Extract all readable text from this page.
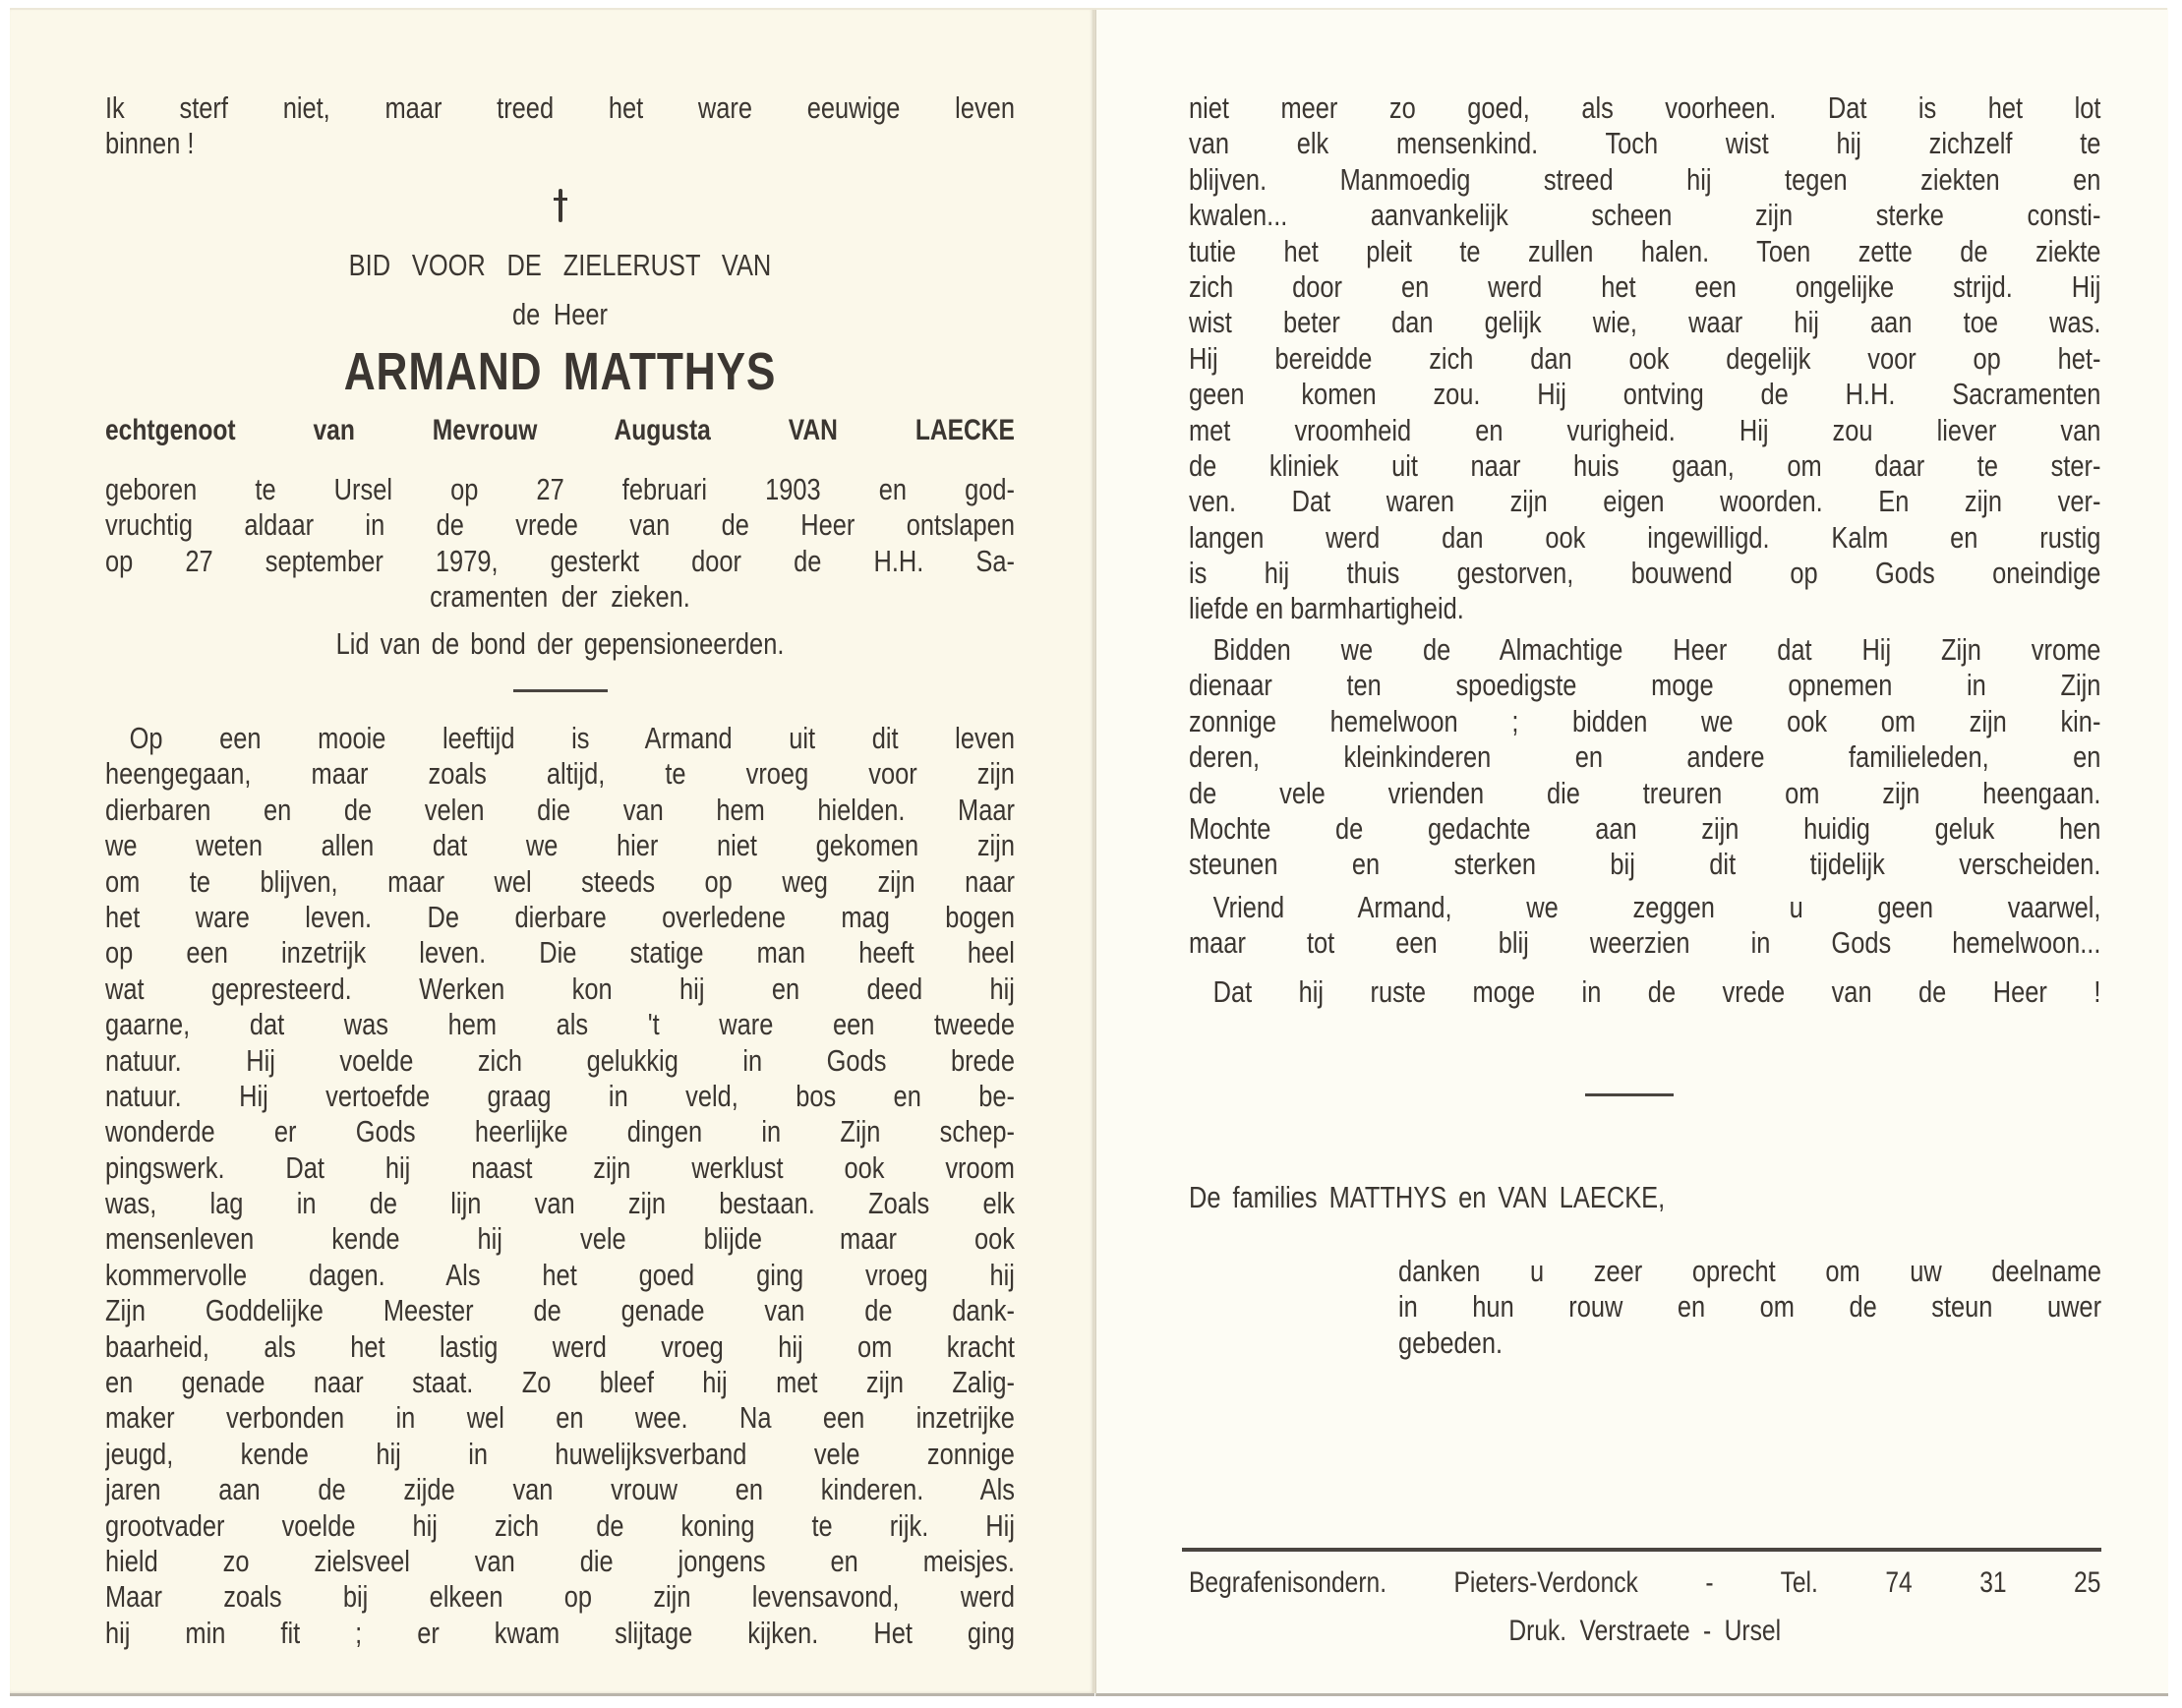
Ik sterf niet, maar treed het ware eeuwige leven
binnen !
BID VOOR DE ZIELERUST VAN
de Heer
ARMAND MATTHYS
echtgenoot van Mevrouw Augusta VAN LAECKE
geboren te Ursel op 27 februari 1903 en god-
vruchtig aldaar in de vrede van de Heer ontslapen
op 27 september 1979, gesterkt door de H.H. Sa-
cramenten der zieken.
Lid van de bond der gepensioneerden.
Op een mooie leeftijd is Armand uit dit leven
heengegaan, maar zoals altijd, te vroeg voor zijn
dierbaren en de velen die van hem hielden. Maar
we weten allen dat we hier niet gekomen zijn
om te blijven, maar wel steeds op weg zijn naar
het ware leven. De dierbare overledene mag bogen
op een inzetrijk leven. Die statige man heeft heel
wat gepresteerd. Werken kon hij en deed hij
gaarne, dat was hem als 't ware een tweede
natuur. Hij voelde zich gelukkig in Gods brede
natuur. Hij vertoefde graag in veld, bos en be-
wonderde er Gods heerlijke dingen in Zijn schep-
pingswerk. Dat hij naast zijn werklust ook vroom
was, lag in de lijn van zijn bestaan. Zoals elk
mensenleven kende hij vele blijde maar ook
kommervolle dagen. Als het goed ging vroeg hij
Zijn Goddelijke Meester de genade van de dank-
baarheid, als het lastig werd vroeg hij om kracht
en genade naar staat. Zo bleef hij met zijn Zalig-
maker verbonden in wel en wee. Na een inzetrijke
jeugd, kende hij in huwelijksverband vele zonnige
jaren aan de zijde van vrouw en kinderen. Als
grootvader voelde hij zich de koning te rijk. Hij
hield zo zielsveel van die jongens en meisjes.
Maar zoals bij elkeen op zijn levensavond, werd
hij min fit ; er kwam slijtage kijken. Het ging
niet meer zo goed, als voorheen. Dat is het lot
van elk mensenkind. Toch wist hij zichzelf te
blijven. Manmoedig streed hij tegen ziekten en
kwalen... aanvankelijk scheen zijn sterke consti-
tutie het pleit te zullen halen. Toen zette de ziekte
zich door en werd het een ongelijke strijd. Hij
wist beter dan gelijk wie, waar hij aan toe was.
Hij bereidde zich dan ook degelijk voor op het-
geen komen zou. Hij ontving de H.H. Sacramenten
met vroomheid en vurigheid. Hij zou liever van
de kliniek uit naar huis gaan, om daar te ster-
ven. Dat waren zijn eigen woorden. En zijn ver-
langen werd dan ook ingewilligd. Kalm en rustig
is hij thuis gestorven, bouwend op Gods oneindige
liefde en barmhartigheid.
Bidden we de Almachtige Heer dat Hij Zijn vrome
dienaar ten spoedigste moge opnemen in Zijn
zonnige hemelwoon ; bidden we ook om zijn kin-
deren, kleinkinderen en andere familieleden, en
de vele vrienden die treuren om zijn heengaan.
Mochte de gedachte aan zijn huidig geluk hen
steunen en sterken bij dit tijdelijk verscheiden.
Vriend Armand, we zeggen u geen vaarwel,
maar tot een blij weerzien in Gods hemelwoon...
Dat hij ruste moge in de vrede van de Heer !
De families MATTHYS en VAN LAECKE,
danken u zeer oprecht om uw deelname
in hun rouw en om de steun uwer
gebeden.
Begrafenisondern. Pieters-Verdonck - Tel. 74 31 25
Druk. Verstraete - Ursel
